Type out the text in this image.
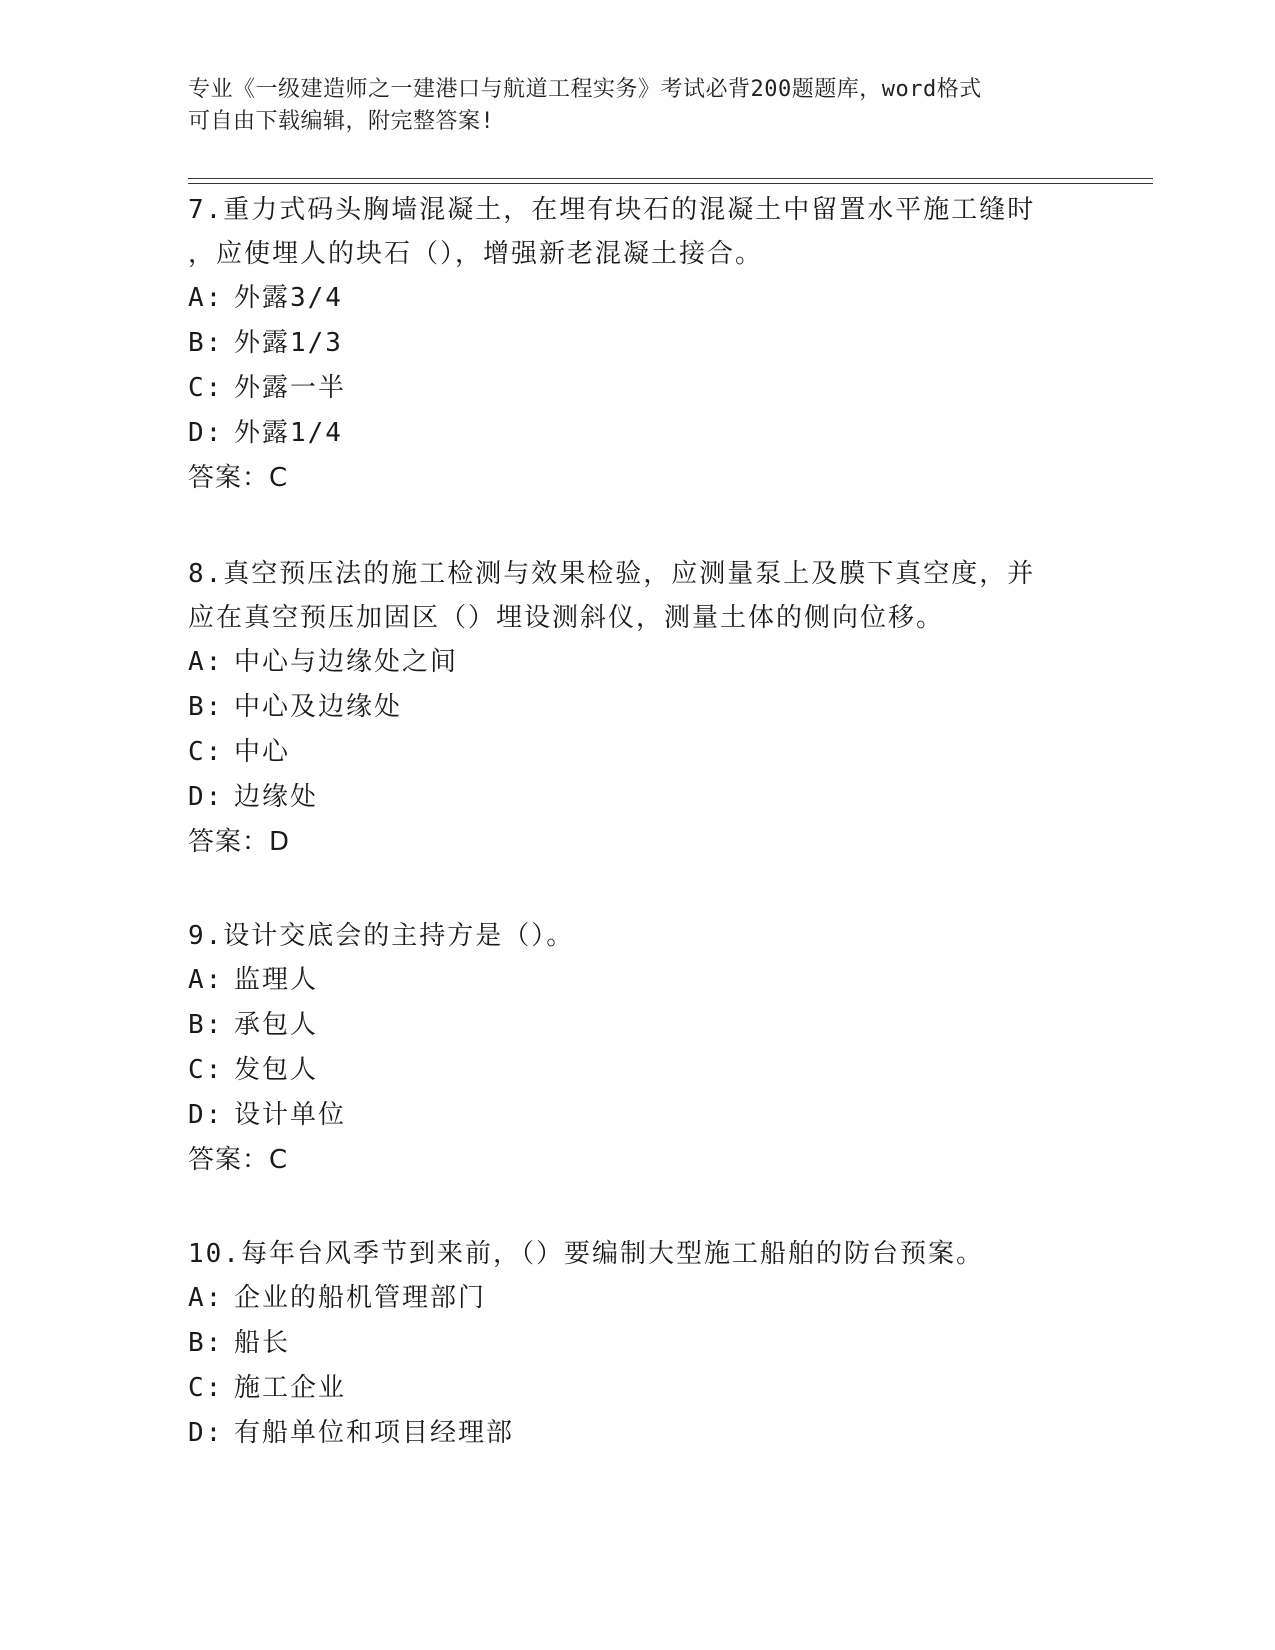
专业《一级建造师之一建港口与航道工程实务》考试必背200题题库，word格式
可自由下载编辑，附完整答案!
7.重力式码头胸墙混凝土，在埋有块石的混凝土中留置水平施工缝时
，应使埋人的块石（），增强新老混凝土接合。
A: 外露3/4
B: 外露1/3
C: 外露一半
D: 外露1/4
答案：C
8.真空预压法的施工检测与效果检验，应测量泵上及膜下真空度，并
应在真空预压加固区（）埋设测斜仪，测量土体的侧向位移。
A: 中心与边缘处之间
B: 中心及边缘处
C: 中心
D: 边缘处
答案：D
9.设计交底会的主持方是（）。
A: 监理人
B: 承包人
C: 发包人
D: 设计单位
答案：C
10.每年台风季节到来前，（）要编制大型施工船舶的防台预案。
A: 企业的船机管理部门
B: 船长
C: 施工企业
D: 有船单位和项目经理部
